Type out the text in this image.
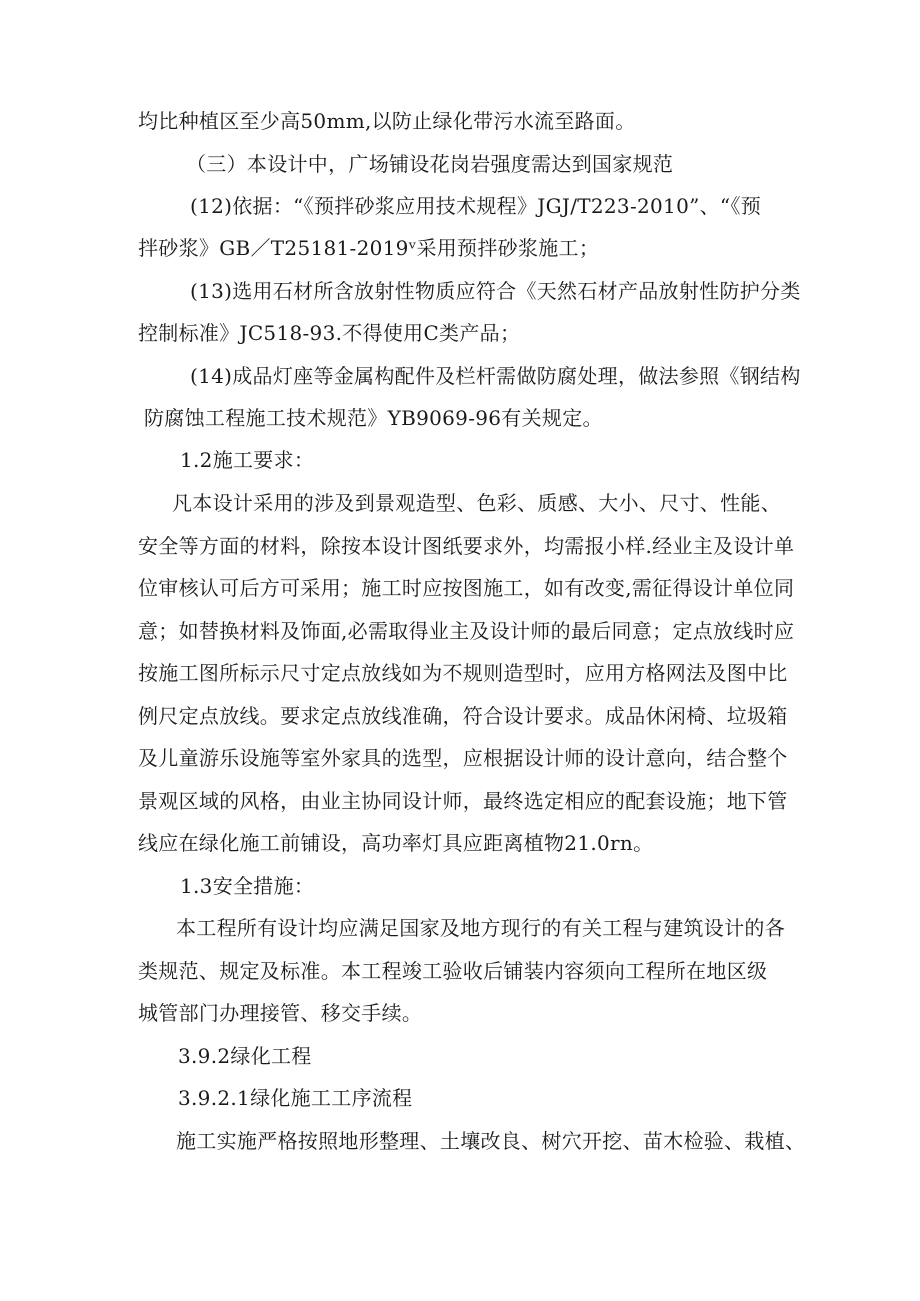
均比种植区至少高50mm,以防止绿化带污水流至路面。
（三）本设计中，广场铺设花岗岩强度需达到国家规范
(12)依据：“《预拌砂浆应用技术规程》JGJ/T223-2010”、“《预
拌砂浆》GB／T25181-2019ᵛ采用预拌砂浆施工；
(13)选用石材所含放射性物质应符合《天然石材产品放射性防护分类
控制标准》JC518-93.不得使用C类产品；
(14)成品灯座等金属构配件及栏杆需做防腐处理，做法参照《钢结构
防腐蚀工程施工技术规范》YB9069-96有关规定。
1.2施工要求：
凡本设计采用的涉及到景观造型、色彩、质感、大小、尺寸、性能、
安全等方面的材料，除按本设计图纸要求外，均需报小样.经业主及设计单
位审核认可后方可采用；施工时应按图施工，如有改变,需征得设计单位同
意；如替换材料及饰面,必需取得业主及设计师的最后同意；定点放线时应
按施工图所标示尺寸定点放线如为不规则造型时，应用方格网法及图中比
例尺定点放线。要求定点放线准确，符合设计要求。成品休闲椅、垃圾箱
及儿童游乐设施等室外家具的选型，应根据设计师的设计意向，结合整个
景观区域的风格，由业主协同设计师，最终选定相应的配套设施；地下管
线应在绿化施工前铺设，高功率灯具应距离植物21.0rn。
1.3安全措施：
本工程所有设计均应满足国家及地方现行的有关工程与建筑设计的各
类规范、规定及标准。本工程竣工验收后铺装内容须向工程所在地区级
城管部门办理接管、移交手续。
3.9.2绿化工程
3.9.2.1绿化施工工序流程
施工实施严格按照地形整理、土壤改良、树穴开挖、苗木检验、栽植、
